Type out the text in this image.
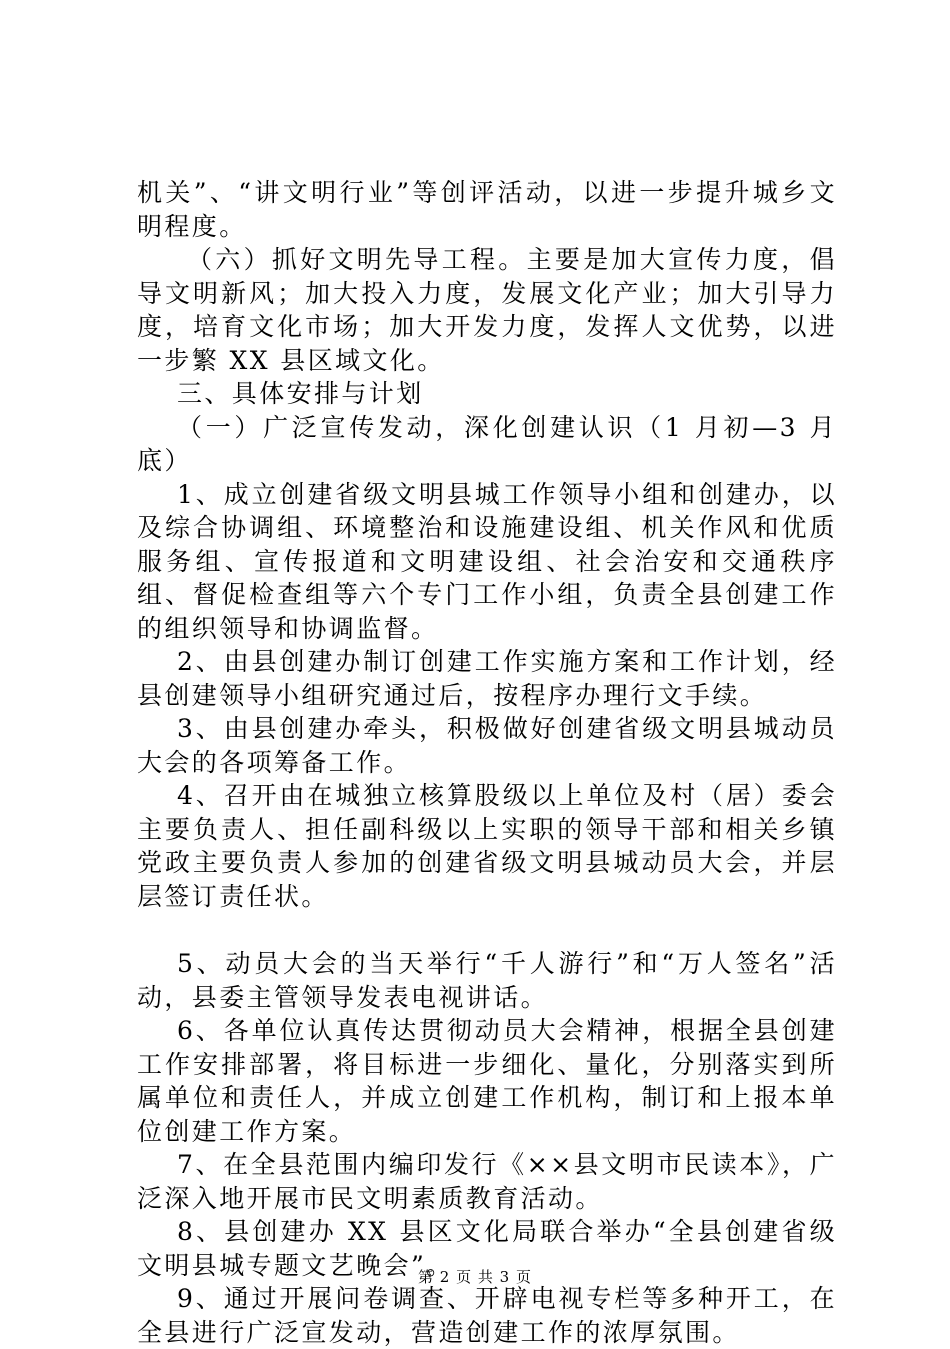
机关”、“讲文明行业”等创评活动，以进一步提升城乡文明程度。

（六）抓好文明先导工程。主要是加大宣传力度，倡导文明新风；加大投入力度，发展文化产业；加大引导力度，培育文化市场；加大开发力度，发挥人文优势，以进一步繁 XX 县区域文化。

三、具体安排与计划

（一）广泛宣传发动，深化创建认识（1 月初—3 月底）

1、成立创建省级文明县城工作领导小组和创建办，以及综合协调组、环境整治和设施建设组、机关作风和优质服务组、宣传报道和文明建设组、社会治安和交通秩序组、督促检查组等六个专门工作小组，负责全县创建工作的组织领导和协调监督。

2、由县创建办制订创建工作实施方案和工作计划，经县创建领导小组研究通过后，按程序办理行文手续。

3、由县创建办牵头，积极做好创建省级文明县城动员大会的各项筹备工作。

4、召开由在城独立核算股级以上单位及村（居）委会主要负责人、担任副科级以上实职的领导干部和相关乡镇党政主要负责人参加的创建省级文明县城动员大会，并层层签订责任状。

5、动员大会的当天举行“千人游行”和“万人签名”活动，县委主管领导发表电视讲话。

6、各单位认真传达贯彻动员大会精神，根据全县创建工作安排部署，将目标进一步细化、量化，分别落实到所属单位和责任人，并成立创建工作机构，制订和上报本单位创建工作方案。

7、在全县范围内编印发行《××县文明市民读本》，广泛深入地开展市民文明素质教育活动。

8、县创建办 XX 县区文化局联合举办“全县创建省级文明县城专题文艺晚会”。

9、通过开展问卷调查、开辟电视专栏等多种开工，在全县进行广泛宣发动，营造创建工作的浓厚氛围。

第 2 页 共 3 页
